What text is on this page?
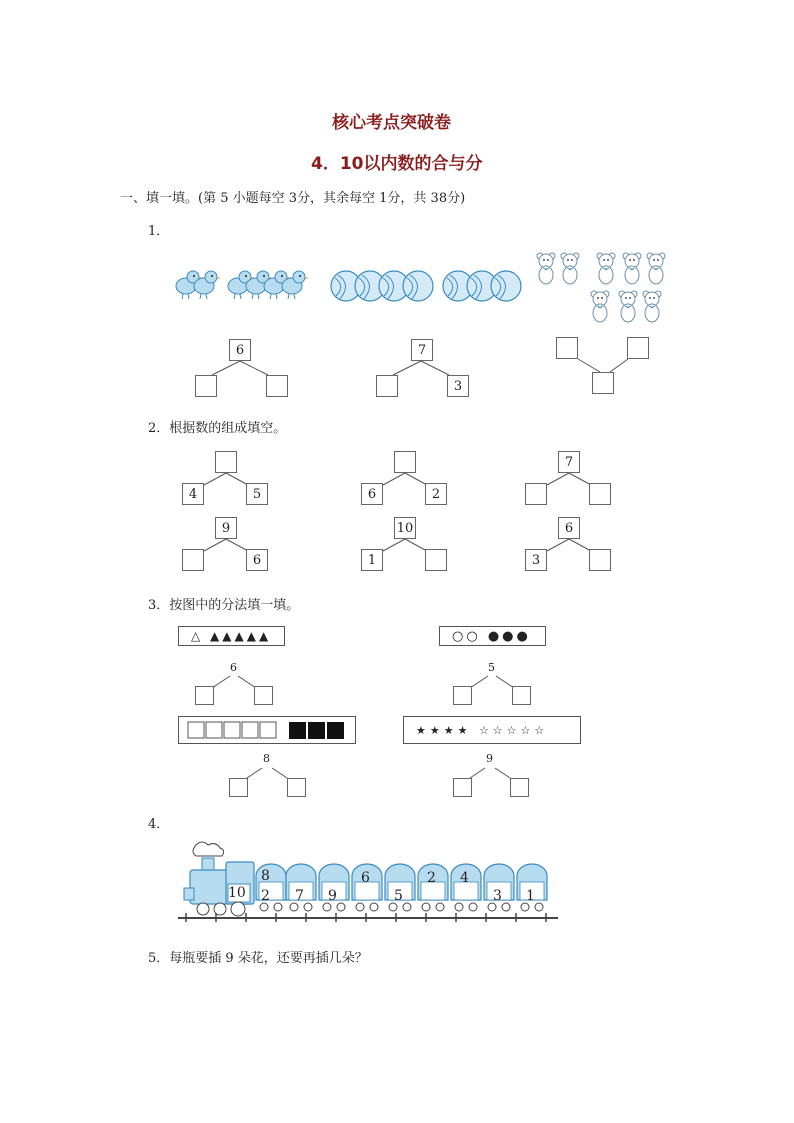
核心考点突破卷
4．10以内数的合与分
一、填一填。(第 5 小题每空 3分，其余每空 1分，共 38分)
1．
6	7
3
2．根据数的组成填空。
4	5	6	2
7
9
6
10
1
6
3
3．按图中的分法填一填。
△ ▲▲▲▲▲	○○ ●●●
6	5
★★★★ ☆☆☆☆☆
8	9
4．
10
8
2 7 9
6
5
2 4
3 1
5．每瓶要插 9 朵花，还要再插几朵？
